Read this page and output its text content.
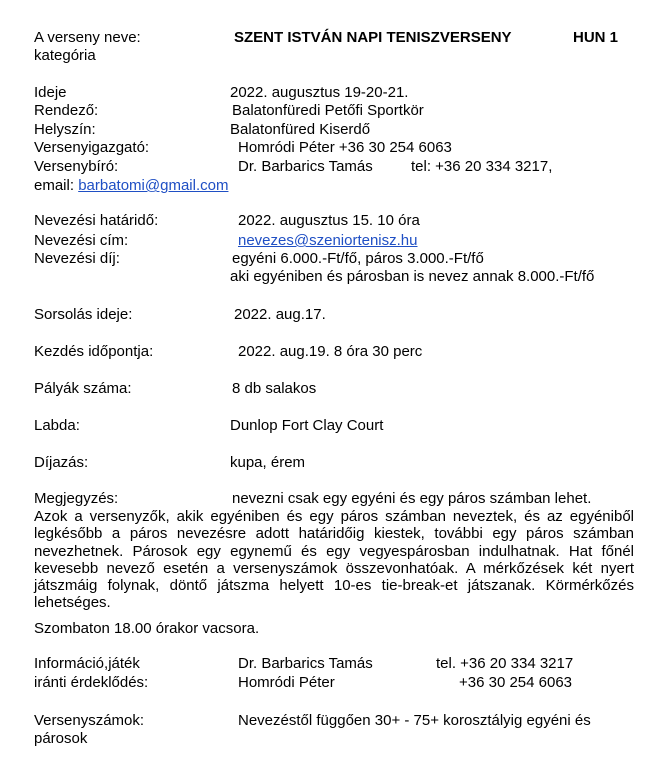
A verseny neve:	SZENT ISTVÁN NAPI TENISZVERSENY	HUN 1
kategória
Ideje	2022. augusztus 19-20-21.
Rendező:	Balatonfüredi Petőfi Sportkör
Helyszín:	Balatonfüred Kiserdő
Versenyigazgató:	Homródi Péter +36 30 254 6063
Versenybíró:	Dr. Barbarics Tamás	tel: +36 20 334 3217,
email: barbatomi@gmail.com
Nevezési határidő:	2022. augusztus 15. 10 óra
Nevezési cím:	nevezes@szeniortenisz.hu
Nevezési díj:	egyéni 6.000.-Ft/fő, páros 3.000.-Ft/fő
aki egyéniben és párosban is nevez annak 8.000.-Ft/fő
Sorsolás ideje:	2022. aug.17.
Kezdés időpontja:	2022. aug.19. 8 óra 30 perc
Pályák száma:	8 db salakos
Labda:	Dunlop Fort Clay Court
Díjazás:	kupa, érem
Megjegyzés:	nevezni csak egy egyéni és egy páros számban lehet.
Azok a versenyzők, akik egyéniben és egy páros számban neveztek, és az egyéniből legkésőbb a páros nevezésre adott határidőig kiestek, további egy páros számban nevezhetnek. Párosok egy egynemű és egy vegyespárosban indulhatnak. Hat főnél kevesebb nevező esetén a versenyszámok összevonhatóak. A mérkőzések két nyert játszmáig folynak, döntő játszma helyett 10-es tie-break-et játszanak. Körmérkőzés lehetséges.
Szombaton 18.00 órakor vacsora.
Információ,játék	Dr. Barbarics Tamás	tel. +36 20 334 3217
iránti érdeklődés:	Homródi Péter	+36 30 254 6063
Versenyszámok:	Nevezéstől függően 30+ - 75+ korosztályig egyéni és
párosok
